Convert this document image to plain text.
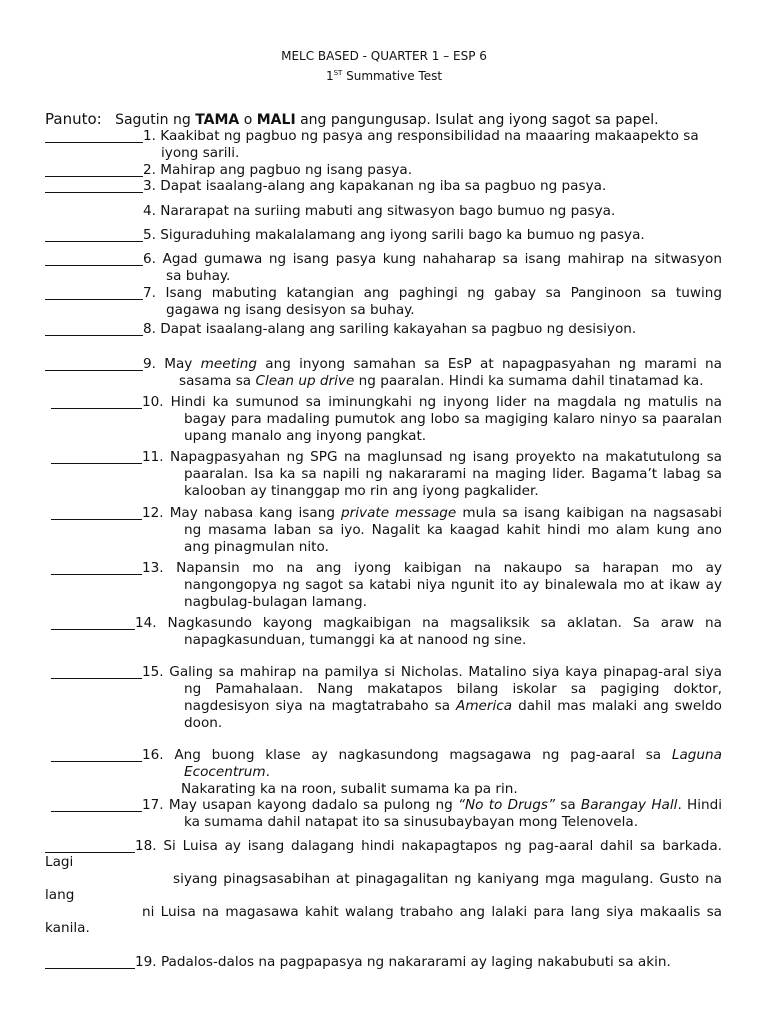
MELC BASED - QUARTER 1 – ESP 6
1ST Summative Test
Panuto: Sagutin ng TAMA o MALI ang pangungusap. Isulat ang iyong sagot sa papel.
1. Kaakibat ng pagbuo ng pasya ang responsibilidad na maaaring makaapekto sa
iyong sarili.
2. Mahirap ang pagbuo ng isang pasya.
3. Dapat isaalang-alang ang kapakanan ng iba sa pagbuo ng pasya.
4. Nararapat na suriing mabuti ang sitwasyon bago bumuo ng pasya.
5. Siguraduhing makalalamang ang iyong sarili bago ka bumuo ng pasya.
6. Agad gumawa ng isang pasya kung nahaharap sa isang mahirap na sitwasyon
sa buhay.
7. Isang mabuting katangian ang paghingi ng gabay sa Panginoon sa tuwing
gagawa ng isang desisyon sa buhay.
8. Dapat isaalang-alang ang sariling kakayahan sa pagbuo ng desisiyon.
9. May meeting ang inyong samahan sa EsP at napagpasyahan ng marami na
sasama sa Clean up drive ng paaralan. Hindi ka sumama dahil tinatamad ka.
10. Hindi ka sumunod sa iminungkahi ng inyong lider na magdala ng matulis na
bagay para madaling pumutok ang lobo sa magiging kalaro ninyo sa paaralan
upang manalo ang inyong pangkat.
11. Napagpasyahan ng SPG na maglunsad ng isang proyekto na makatutulong sa
paaralan. Isa ka sa napili ng nakararami na maging lider. Bagama’t labag sa
kalooban ay tinanggap mo rin ang iyong pagkalider.
12. May nabasa kang isang private message mula sa isang kaibigan na nagsasabi
ng masama laban sa iyo. Nagalit ka kaagad kahit hindi mo alam kung ano
ang pinagmulan nito.
13. Napansin mo na ang iyong kaibigan na nakaupo sa harapan mo ay
nangongopya ng sagot sa katabi niya ngunit ito ay binalewala mo at ikaw ay
nagbulag-bulagan lamang.
14. Nagkasundo kayong magkaibigan na magsaliksik sa aklatan. Sa araw na
napagkasunduan, tumanggi ka at nanood ng sine.
15. Galing sa mahirap na pamilya si Nicholas. Matalino siya kaya pinapag-aral siya
ng Pamahalaan. Nang makatapos bilang iskolar sa pagiging doktor,
nagdesisyon siya na magtatrabaho sa America dahil mas malaki ang sweldo
doon.
16. Ang buong klase ay nagkasundong magsagawa ng pag-aaral sa Laguna
Ecocentrum.
Nakarating ka na roon, subalit sumama ka pa rin.
17. May usapan kayong dadalo sa pulong ng “No to Drugs” sa Barangay Hall. Hindi
ka sumama dahil natapat ito sa sinusubaybayan mong Telenovela.
18. Si Luisa ay isang dalagang hindi nakapagtapos ng pag-aaral dahil sa barkada.
Lagi
siyang pinagsasabihan at pinagagalitan ng kaniyang mga magulang. Gusto na
lang
ni Luisa na magasawa kahit walang trabaho ang lalaki para lang siya makaalis sa
kanila.
19. Padalos-dalos na pagpapasya ng nakararami ay laging nakabubuti sa akin.
